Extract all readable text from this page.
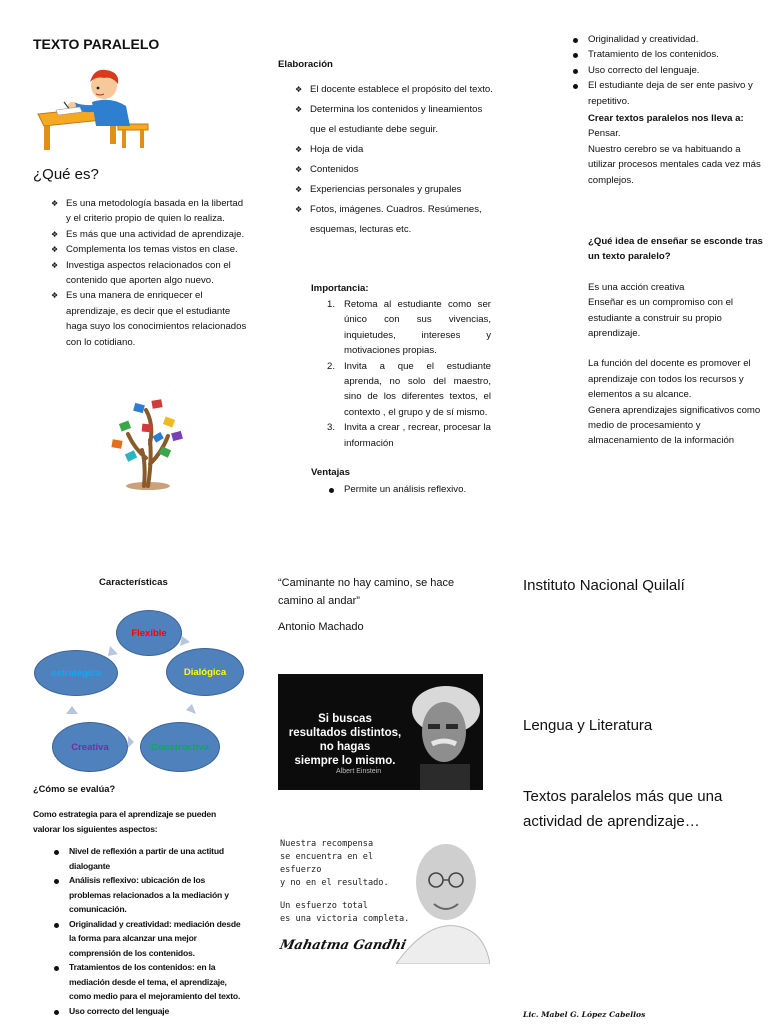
TEXTO PARALELO
¿Qué es?
❖ Es una metodología basada en la libertad y el criterio propio de quien lo realiza.
❖ Es más que una actividad de aprendizaje.
❖ Complementa los temas vistos en clase.
❖ Investiga aspectos relacionados con el contenido que aporten algo nuevo.
❖ Es una manera de enriquecer el aprendizaje, es decir que el estudiante haga suyo los conocimientos relacionados con lo cotidiano.
Elaboración
❖ El docente establece el propósito del texto.
❖ Determina los contenidos y lineamientos que el estudiante debe seguir.
❖ Hoja de vida
❖ Contenidos
❖ Experiencias personales y grupales
❖ Fotos, imágenes. Cuadros. Resúmenes, esquemas, lecturas etc.
Importancia:
1. Retoma al estudiante como ser único con sus vivencias, inquietudes, intereses y motivaciones propias.
2. Invita a que el estudiante aprenda, no solo del maestro, sino de los diferentes textos, el contexto , el grupo y de sí mismo.
3. Invita a crear , recrear, procesar la información
Ventajas
Permite un análisis reflexivo.
Originalidad y creatividad.
Tratamiento de los contenidos.
Uso correcto del lenguaje.
El estudiante deja de ser ente pasivo y repetitivo.
Crear textos paralelos nos lleva a:
Pensar.
Nuestro cerebro se va habituando a utilizar procesos mentales cada vez más complejos.
¿Qué idea de enseñar se esconde tras un texto paralelo?
Es una acción creativa
Enseñar es un compromiso con el estudiante a construir su propio aprendizaje.
La función del docente es promover el aprendizaje con todos los recursos y elementos a su alcance.
Genera aprendizajes significativos como medio de procesamiento y almacenamiento de la información
Características
Flexible
Dialógica
Constructiva
Creativa
estratégica
¿Cómo se evalúa?
Como estrategia para el aprendizaje se pueden valorar los siguientes aspectos:
Nivel de reflexión a partir de una actitud dialogante
Análisis reflexivo: ubicación de los problemas relacionados a la mediación y comunicación.
Originalidad y creatividad: mediación desde la forma para alcanzar una mejor comprensión de los contenidos.
Tratamientos de los contenidos: en la mediación desde el tema, el aprendizaje, como medio para el mejoramiento del texto.
Uso correcto del lenguaje
“Caminante no hay camino, se hace camino al andar”
Antonio Machado
Si buscas
resultados distintos,
no hagas
siempre lo mismo.
Albert Einstein
Nuestra recompensa
se encuentra en el esfuerzo
y no en el resultado.
Un esfuerzo total
es una victoria completa.
Mahatma Gandhi
Instituto Nacional Quilalí
Lengua y Literatura
Textos paralelos más que una actividad de aprendizaje…
Lic. Mabel G. López Cabellos
